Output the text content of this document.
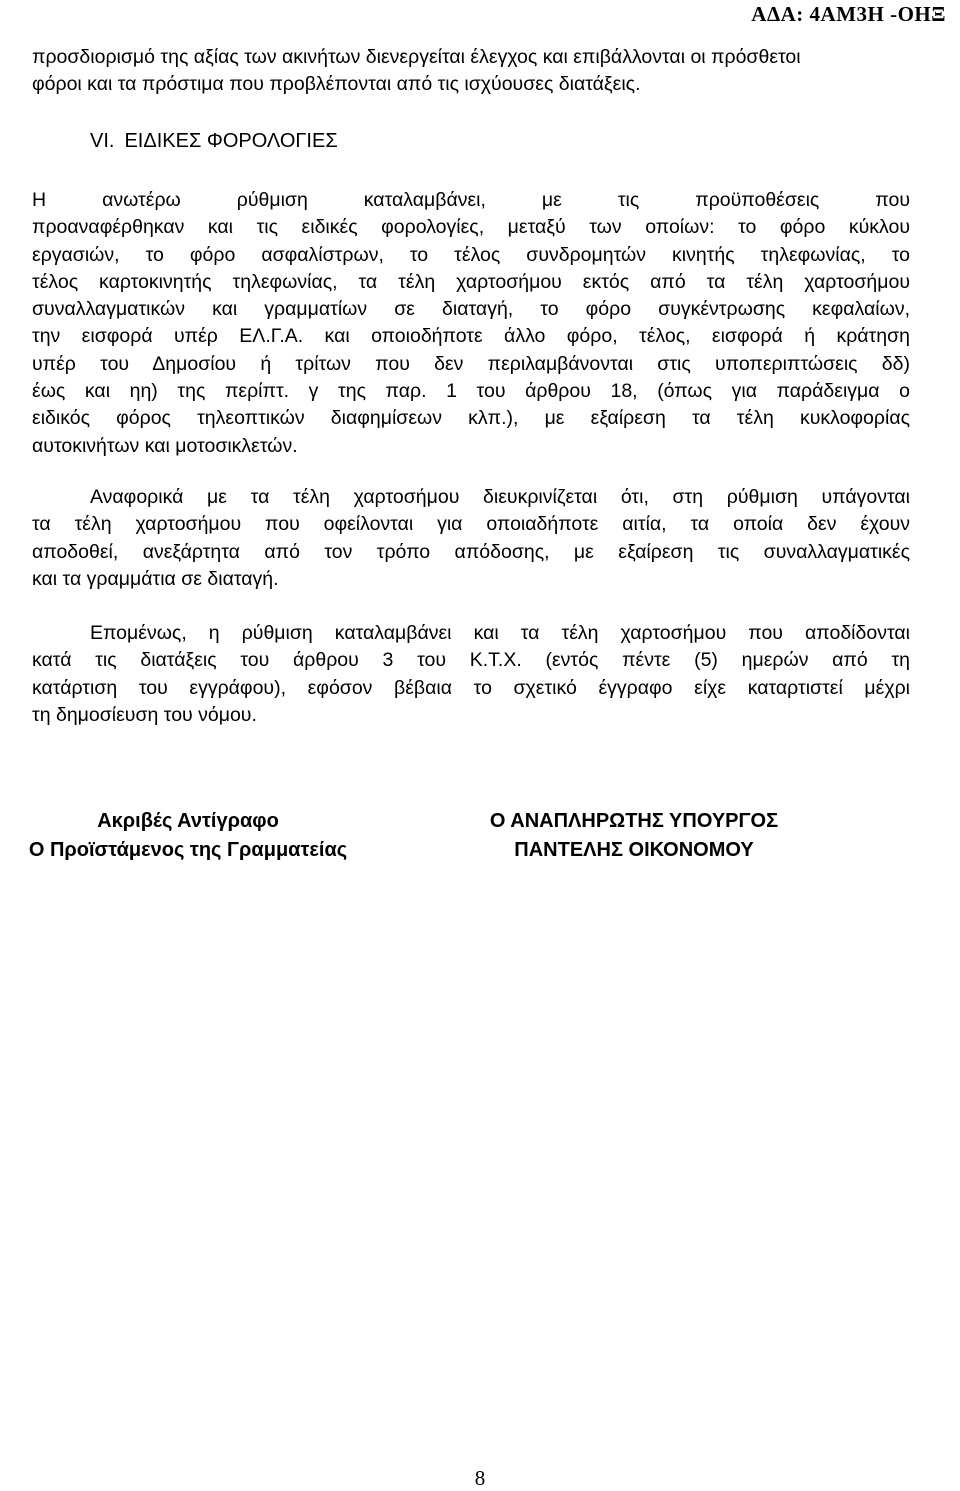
ΑΔΑ: 4ΑΜ3Η -ΟΗΞ
προσδιορισμό της αξίας των ακινήτων διενεργείται έλεγχος και επιβάλλονται οι πρόσθετοι
φόροι και τα πρόστιμα που προβλέπονται από τις ισχύουσες διατάξεις.
VI. ΕΙΔΙΚΕΣ ΦΟΡΟΛΟΓΙΕΣ
Η ανωτέρω ρύθμιση καταλαμβάνει, με τις προϋποθέσεις που
προαναφέρθηκαν και τις ειδικές φορολογίες, μεταξύ των οποίων: το φόρο κύκλου
εργασιών, το φόρο ασφαλίστρων, το τέλος συνδρομητών κινητής τηλεφωνίας, το
τέλος καρτοκινητής τηλεφωνίας, τα τέλη χαρτοσήμου εκτός από τα τέλη χαρτοσήμου
συναλλαγματικών και γραμματίων σε διαταγή, το φόρο συγκέντρωσης κεφαλαίων,
την εισφορά υπέρ ΕΛ.Γ.Α. και οποιοδήποτε άλλο φόρο, τέλος, εισφορά ή κράτηση
υπέρ του Δημοσίου ή τρίτων που δεν περιλαμβάνονται στις υποπεριπτώσεις δδ)
έως και ηη) της περίπτ. γ της παρ. 1 του άρθρου 18, (όπως για παράδειγμα ο
ειδικός φόρος τηλεοπτικών διαφημίσεων κλπ.), με εξαίρεση τα τέλη κυκλοφορίας
αυτοκινήτων και μοτοσικλετών.
Αναφορικά με τα τέλη χαρτοσήμου διευκρινίζεται ότι, στη ρύθμιση υπάγονται
τα τέλη χαρτοσήμου που οφείλονται για οποιαδήποτε αιτία, τα οποία δεν έχουν
αποδοθεί, ανεξάρτητα από τον τρόπο απόδοσης, με εξαίρεση τις συναλλαγματικές
και τα γραμμάτια σε διαταγή.
Επομένως, η ρύθμιση καταλαμβάνει και τα τέλη χαρτοσήμου που αποδίδονται
κατά τις διατάξεις του άρθρου 3 του Κ.Τ.Χ. (εντός πέντε (5) ημερών από τη
κατάρτιση του εγγράφου), εφόσον βέβαια το σχετικό έγγραφο είχε καταρτιστεί μέχρι
τη δημοσίευση του νόμου.
Ακριβές Αντίγραφο
Ο Προϊστάμενος της Γραμματείας
Ο ΑΝΑΠΛΗΡΩΤΗΣ ΥΠΟΥΡΓΟΣ
ΠΑΝΤΕΛΗΣ ΟΙΚΟΝΟΜΟΥ
8
